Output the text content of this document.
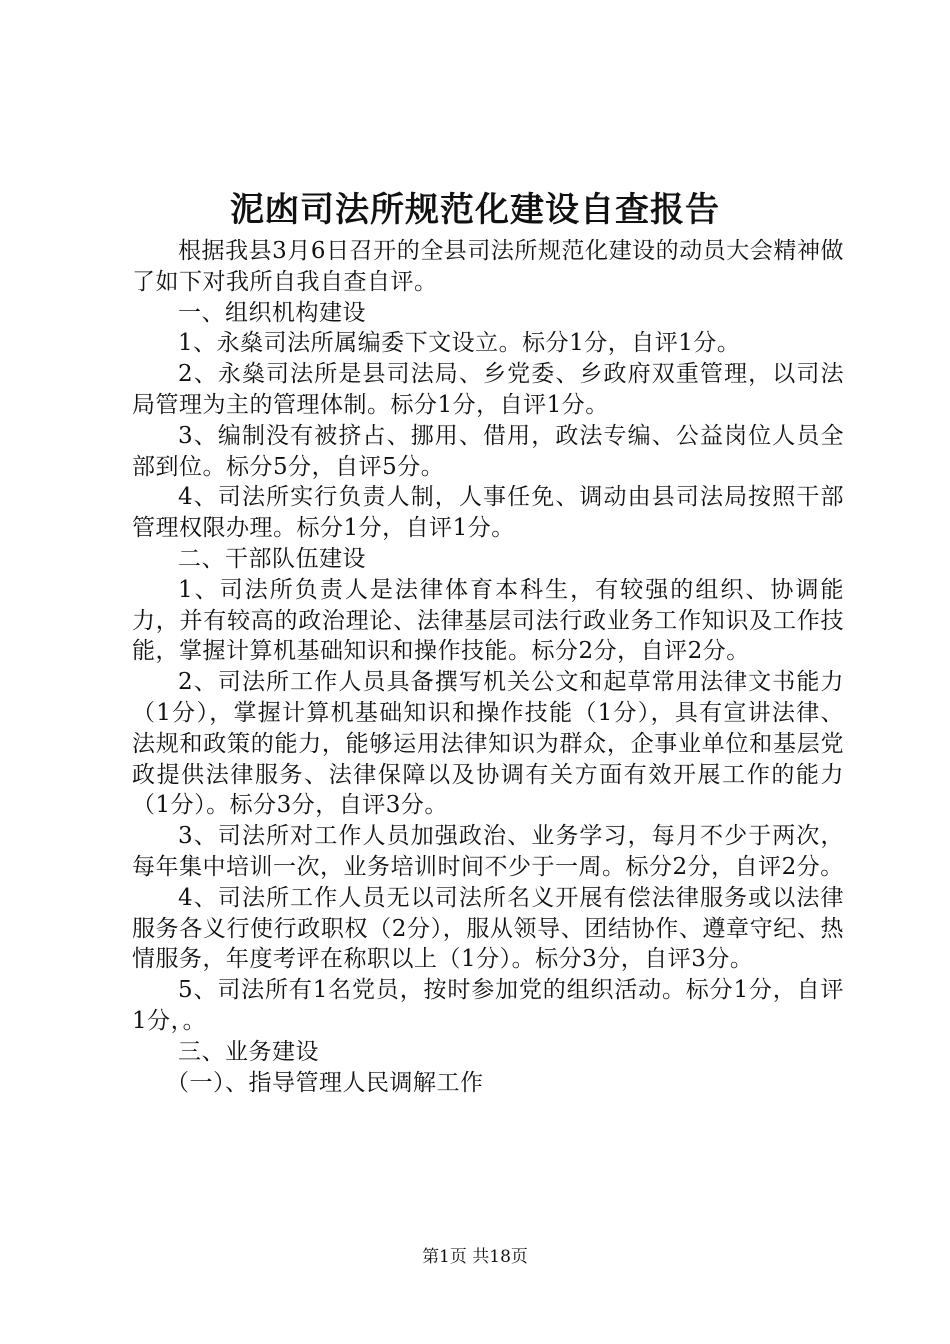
泥凼司法所规范化建设自查报告

根据我县3月6日召开的全县司法所规范化建设的动员大会精神做了如下对我所自我自查自评。

一、组织机构建设

1、永燊司法所属编委下文设立。标分1分，自评1分。

2、永燊司法所是县司法局、乡党委、乡政府双重管理，以司法局管理为主的管理体制。标分1分，自评1分。

3、编制没有被挤占、挪用、借用，政法专编、公益岗位人员全部到位。标分5分，自评5分。

4、司法所实行负责人制，人事任免、调动由县司法局按照干部管理权限办理。标分1分，自评1分。

二、干部队伍建设

1、司法所负责人是法律体育本科生，有较强的组织、协调能力，并有较高的政治理论、法律基层司法行政业务工作知识及工作技能，掌握计算机基础知识和操作技能。标分2分，自评2分。

2、司法所工作人员具备撰写机关公文和起草常用法律文书能力（1分），掌握计算机基础知识和操作技能（1分），具有宣讲法律、法规和政策的能力，能够运用法律知识为群众，企事业单位和基层党政提供法律服务、法律保障以及协调有关方面有效开展工作的能力（1分）。标分3分，自评3分。

3、司法所对工作人员加强政治、业务学习，每月不少于两次，每年集中培训一次，业务培训时间不少于一周。标分2分，自评2分。

4、司法所工作人员无以司法所名义开展有偿法律服务或以法律服务各义行使行政职权（2分），服从领导、团结协作、遵章守纪、热情服务，年度考评在称职以上（1分）。标分3分，自评3分。

5、司法所有1名党员，按时参加党的组织活动。标分1分，自评1分，。

三、业务建设

（一）、指导管理人民调解工作

第1页 共18页
